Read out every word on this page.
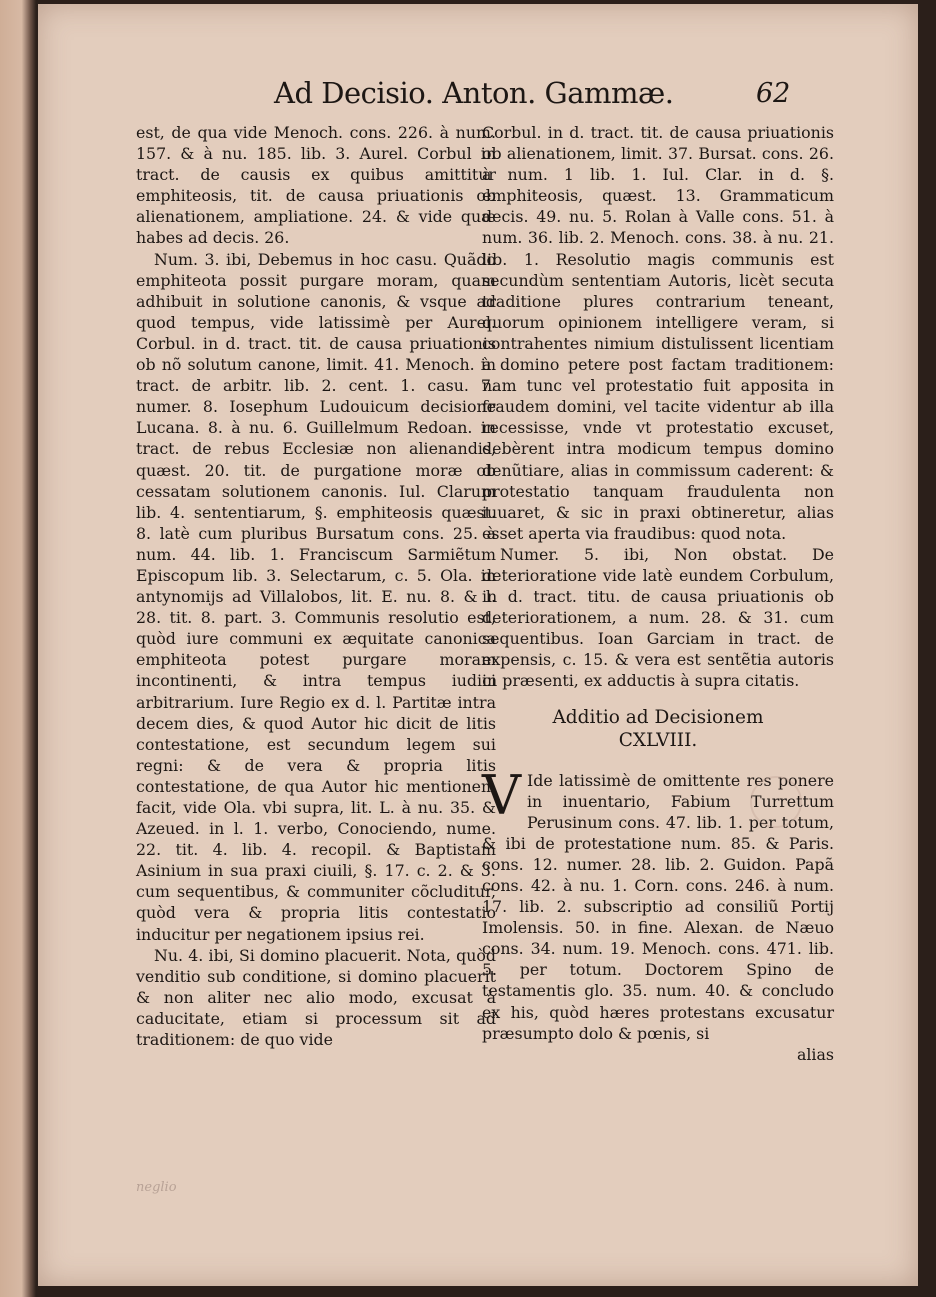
Ad Decisio. Anton. Gammæ.	62

est, de qua vide Menoch. cons. 226. à num. 157. & à nu. 185. lib. 3. Aurel. Corbul in tract. de causis ex quibus amittitur emphiteosis, tit. de causa priuationis ob alienationem, ampliatione. 24. & vide quæ habes ad decis. 26.

Num. 3. ibi, Debemus in hoc casu. Quãdo emphiteota possit purgare moram, quam adhibuit in solutione canonis, & vsque ad quod tempus, vide latissimè per Aurel. Corbul. in d. tract. tit. de causa priuationis ob nõ solutum canone, limit. 41. Menoch. in tract. de arbitr. lib. 2. cent. 1. casu. 7. numer. 8. Iosephum Ludouicum decisione Lucana. 8. à nu. 6. Guillelmum Redoan. in tract. de rebus Ecclesiæ non alienandis, quæst. 20. tit. de purgatione moræ ob cessatam solutionem canonis. Iul. Clarum lib. 4. sententiarum, §. emphiteosis quæst. 8. latè cum pluribus Bursatum cons. 25. à num. 44. lib. 1. Franciscum Sarmiẽtum Episcopum lib. 3. Selectarum, c. 5. Ola. in antynomijs ad Villalobos, lit. E. nu. 8. & l. 28. tit. 8. part. 3. Communis resolutio est, quòd iure communi ex æquitate canonica emphiteota potest purgare moram incontinenti, & intra tempus iudici arbitrarium. Iure Regio ex d. l. Partitæ intra decem dies, & quod Autor hic dicit de litis contestatione, est secundum legem sui regni: & de vera & propria litis contestatione, de qua Autor hic mentionem facit, vide Ola. vbi supra, lit. L. à nu. 35. & Azeued. in l. 1. verbo, Conociendo, nume. 22. tit. 4. lib. 4. recopil. & Baptistam Asinium in sua praxi ciuili, §. 17. c. 2. & 3. cum sequentibus, & communiter cõcluditur, quòd vera & propria litis contestatio inducitur per negationem ipsius rei.

Nu. 4. ibi, Si domino placuerit. Nota, quòd venditio sub conditione, si domino placuerit & non aliter nec alio modo, excusat à caducitate, etiam si processum sit ad traditionem: de quo vide

Corbul. in d. tract. tit. de causa priuationis ob alienationem, limit. 37. Bursat. cons. 26. à num. 1 lib. 1. Iul. Clar. in d. §. emphiteosis, quæst. 13. Grammaticum decis. 49. nu. 5. Rolan à Valle cons. 51. à num. 36. lib. 2. Menoch. cons. 38. à nu. 21. lib. 1. Resolutio magis communis est secundùm sententiam Autoris, licèt secuta traditione plures contrarium teneant, quorum opinionem intelligere veram, si contrahentes nimium distulissent licentiam à domino petere post factam traditionem: nam tunc vel protestatio fuit apposita in fraudem domini, vel tacite videntur ab illa recessisse, vnde vt protestatio excuset, debèrent intra modicum tempus domino denũtiare, alias in commissum caderent: & protestatio tanquam fraudulenta non iuuaret, & sic in praxi obtineretur, alias esset aperta via fraudibus: quod nota.

Numer. 5. ibi, Non obstat. De deterioratione vide latè eundem Corbulum, in d. tract. titu. de causa priuationis ob deteriorationem, a num. 28. & 31. cum sequentibus. Ioan Garciam in tract. de expensis, c. 15. & vera est sentẽtia autoris in præsenti, ex adductis à supra citatis.

Additio ad Decisionem
CXLVIII.

V Ide latissimè de omittente res ponere in inuentario, Fabium Turrettum Perusinum cons. 47. lib. 1. per totum, & ibi de protestatione num. 85. & Paris. cons. 12. numer. 28. lib. 2. Guidon. Papã cons. 42. à nu. 1. Corn. cons. 246. à num. 17. lib. 2. subscriptio ad consiliũ Portij Imolensis. 50. in fine. Alexan. de Næuo cons. 34. num. 19. Menoch. cons. 471. lib. 5. per totum. Doctorem Spino de testamentis glo. 35. num. 40. & concludo ex his, quòd hæres protestans excusatur præsumpto dolo & pœnis, si

alias

neglio
